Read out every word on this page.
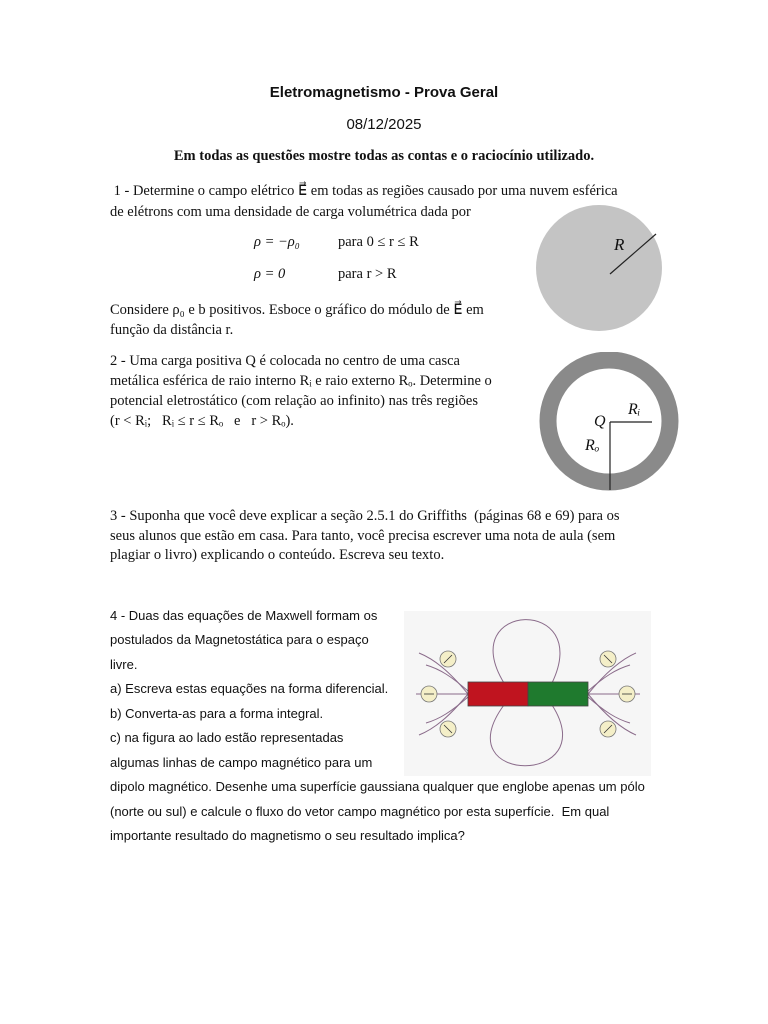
Eletromagnetismo - Prova Geral
08/12/2025
Em todas as questões mostre todas as contas e o raciocínio utilizado.
1 - Determine o campo elétrico E⃗ em todas as regiões causado por uma nuvem esférica
de elétrons com uma densidade de carga volumétrica dada por
ρ = −ρ₀	para 0 ≤ r ≤ R
ρ = 0	para r > R
Considere ρ₀ e b positivos. Esboce o gráfico do módulo de E⃗ em
função da distância r.
R
2 - Uma carga positiva Q é colocada no centro de uma casca
metálica esférica de raio interno Rᵢ e raio externo Rₒ. Determine o
potencial eletrostático (com relação ao infinito) nas três regiões
(r < Rᵢ;   Rᵢ ≤ r ≤ Rₒ   e   r > Rₒ).	Q
Rᵢ
Rₒ
3 - Suponha que você deve explicar a seção 2.5.1 do Griffiths  (páginas 68 e 69) para os
seus alunos que estão em casa. Para tanto, você precisa escrever uma nota de aula (sem
plagiar o livro) explicando o conteúdo. Escreva seu texto.
4 - Duas das equações de Maxwell formam os
postulados da Magnetostática para o espaço
livre.
a) Escreva estas equações na forma diferencial.
b) Converta-as para a forma integral.
c) na figura ao lado estão representadas
algumas linhas de campo magnético para um
dipolo magnético. Desenhe uma superfície gaussiana qualquer que englobe apenas um pólo
(norte ou sul) e calcule o fluxo do vetor campo magnético por esta superfície.  Em qual
importante resultado do magnetismo o seu resultado implica?
